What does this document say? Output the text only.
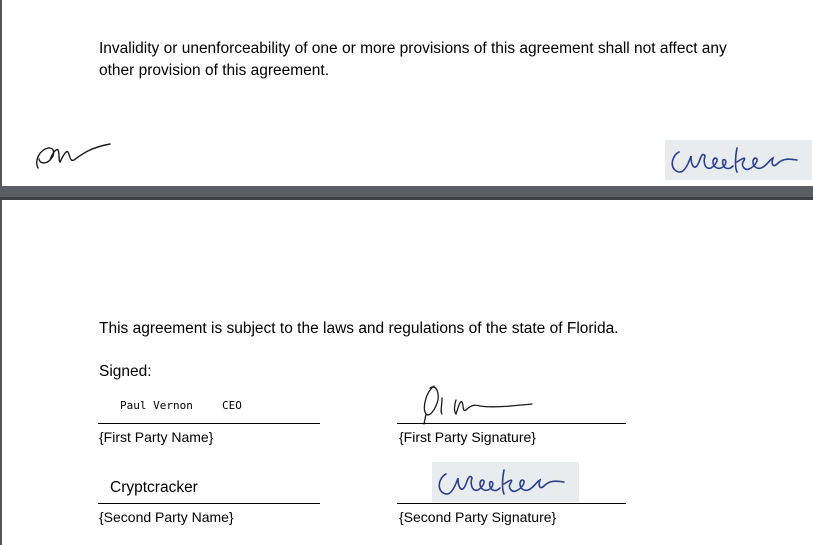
Invalidity or unenforceability of one or more provisions of this agreement shall not affect any other provision of this agreement.
This agreement is subject to the laws and regulations of the state of Florida.
Signed:
Paul Vernon	CEO
{First Party Name}	{First Party Signature}
Cryptcracker
{Second Party Name}	{Second Party Signature}
